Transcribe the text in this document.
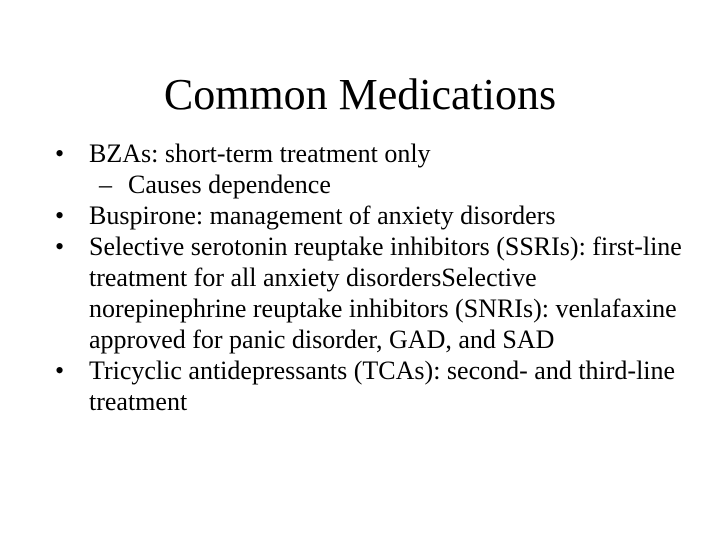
Common Medications
• BZAs: short-term treatment only
– Causes dependence
• Buspirone: management of anxiety disorders
• Selective serotonin reuptake inhibitors (SSRIs): first-line treatment for all anxiety disordersSelective norepinephrine reuptake inhibitors (SNRIs): venlafaxine approved for panic disorder, GAD, and SAD
• Tricyclic antidepressants (TCAs): second- and third-line treatment
